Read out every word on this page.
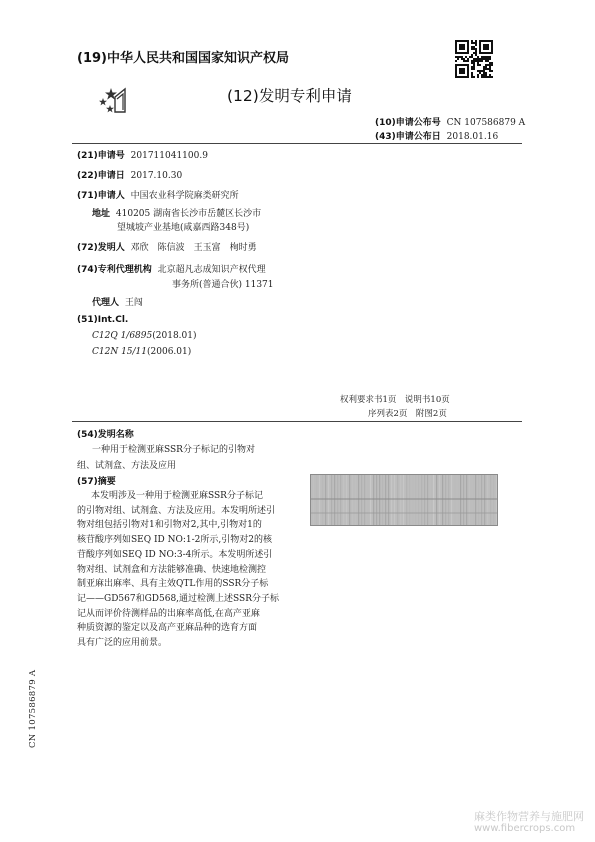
(19)中华人民共和国国家知识产权局
(12)发明专利申请
(10)申请公布号 CN 107586879 A
(43)申请公布日 2018.01.16
(21)申请号 201711041100.9
(22)申请日 2017.10.30
(71)申请人 中国农业科学院麻类研究所
地址 410205 湖南省长沙市岳麓区长沙市
望城坡产业基地(咸嘉西路348号)
(72)发明人 邓欣　陈信波　王玉富　栒时勇
(74)专利代理机构 北京超凡志成知识产权代理
事务所(普通合伙) 11371
代理人 王闯
(51)Int.Cl.
C12Q 1/6895(2018.01)
C12N 15/11(2006.01)
权利要求书1页　说明书10页
序列表2页　附图2页
(54)发明名称
一种用于检测亚麻SSR分子标记的引物对
组、试剂盒、方法及应用
(57)摘要
本发明涉及一种用于检测亚麻SSR分子标记
的引物对组、试剂盒、方法及应用。本发明所述引
物对组包括引物对1和引物对2,其中,引物对1的
核苷酸序列如SEQ ID NO:1-2所示,引物对2的核
苷酸序列如SEQ ID NO:3-4所示。本发明所述引
物对组、试剂盒和方法能够准确、快速地检测控
制亚麻出麻率、具有主效QTL作用的SSR分子标
记——GD567和GD568,通过检测上述SSR分子标
记从而评价待测样品的出麻率高低,在高产亚麻
种质资源的鉴定以及高产亚麻品种的选育方面
具有广泛的应用前景。
CN 107586879 A
麻类作物营养与施肥网
www.fibercrops.com
